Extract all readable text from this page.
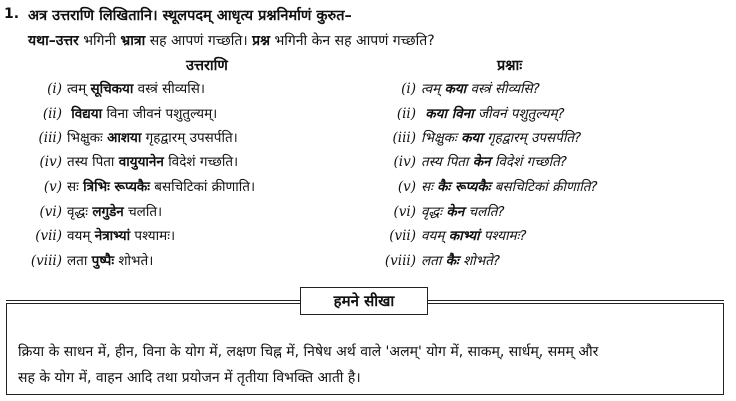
1. अत्र उत्तराणि लिखितानि। स्थूलपदम् आधृत्य प्रश्ननिर्माणं कुरुत–
यथा–उत्तर भगिनी भ्रात्रा सह आपणं गच्छति। प्रश्न भगिनी केन सह आपणं गच्छति?
उत्तराणि	प्रश्नाः
(i) त्वम् सूचिकया वस्त्रं सीव्यसि।	(i) त्वम् कया वस्त्रं सीव्यसि?
(ii) विद्यया विना जीवनं पशुतुल्यम्।	(ii) कया विना जीवनं पशुतुल्यम्?
(iii) भिक्षुकः आशया गृहद्वारम् उपसर्पति।	(iii) भिक्षुकः कया गृहद्वारम् उपसर्पति?
(iv) तस्य पिता वायुयानेन विदेशं गच्छति।	(iv) तस्य पिता केन विदेशं गच्छति?
(v) सः त्रिभिः रूप्यकैः बसचिटिकां क्रीणाति।	(v) सः कैः रूप्यकैः बसचिटिकां क्रीणाति?
(vi) वृद्धः लगुडेन चलति।	(vi) वृद्धः केन चलति?
(vii) वयम् नेत्राभ्यां पश्यामः।	(vii) वयम् काभ्यां पश्यामः?
(viii) लता पुष्पैः शोभते।	(viii) लता कैः शोभते?
हमने सीखा
क्रिया के साधन में, हीन, विना के योग में, लक्षण चिह्न में, निषेध अर्थ वाले 'अलम्' योग में, साकम्, सार्धम्, समम् और
सह के योग में, वाहन आदि तथा प्रयोजन में तृतीया विभक्ति आती है।
